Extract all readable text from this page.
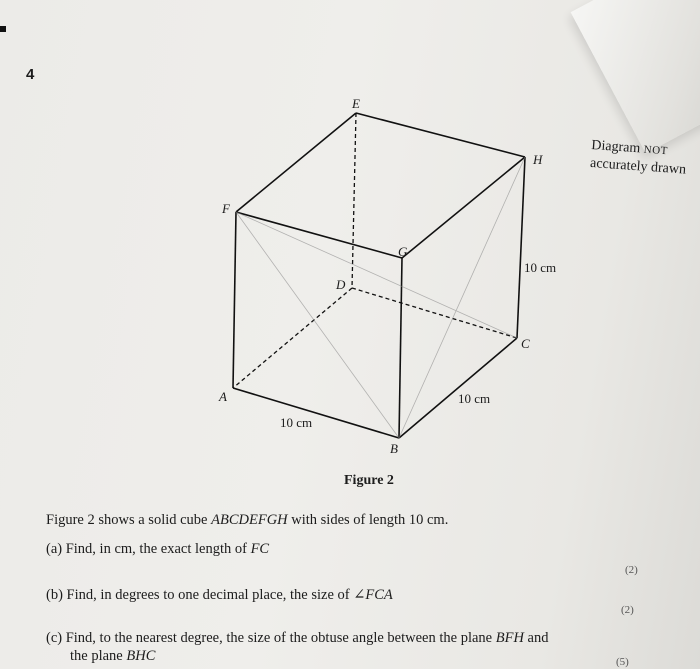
4
Diagram NOT
accurately drawn
E
H
F
G
D
C
A
B
10 cm
10 cm
10 cm
Figure 2
Figure 2 shows a solid cube ABCDEFGH with sides of length 10 cm.
(a) Find, in cm, the exact length of FC
(2)
(b) Find, in degrees to one decimal place, the size of ∠FCA
(2)
(c) Find, to the nearest degree, the size of the obtuse angle between the plane BFH and
the plane BHC	(5)
